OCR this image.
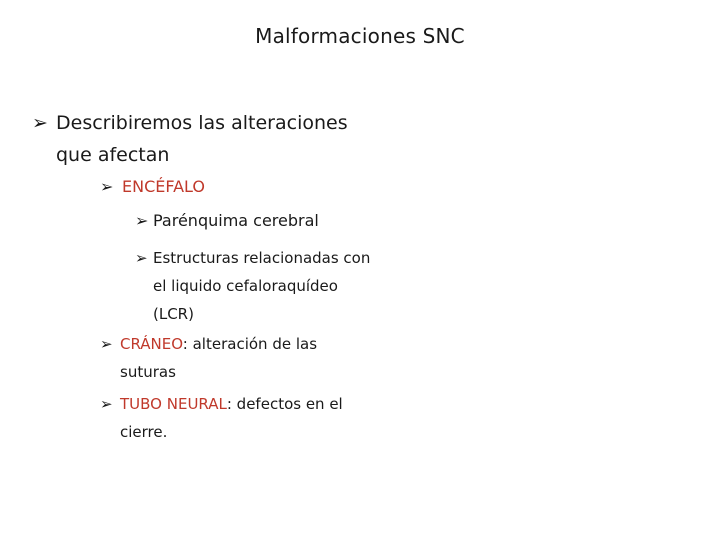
Malformaciones SNC
➢ Describiremos las alteraciones que afectan
➢ ENCÉFALO
➢ Parénquima cerebral
➢ Estructuras relacionadas con el liquido cefaloraquídeo (LCR)
➢ CRÁNEO: alteración de las suturas
➢ TUBO NEURAL: defectos en el cierre.
